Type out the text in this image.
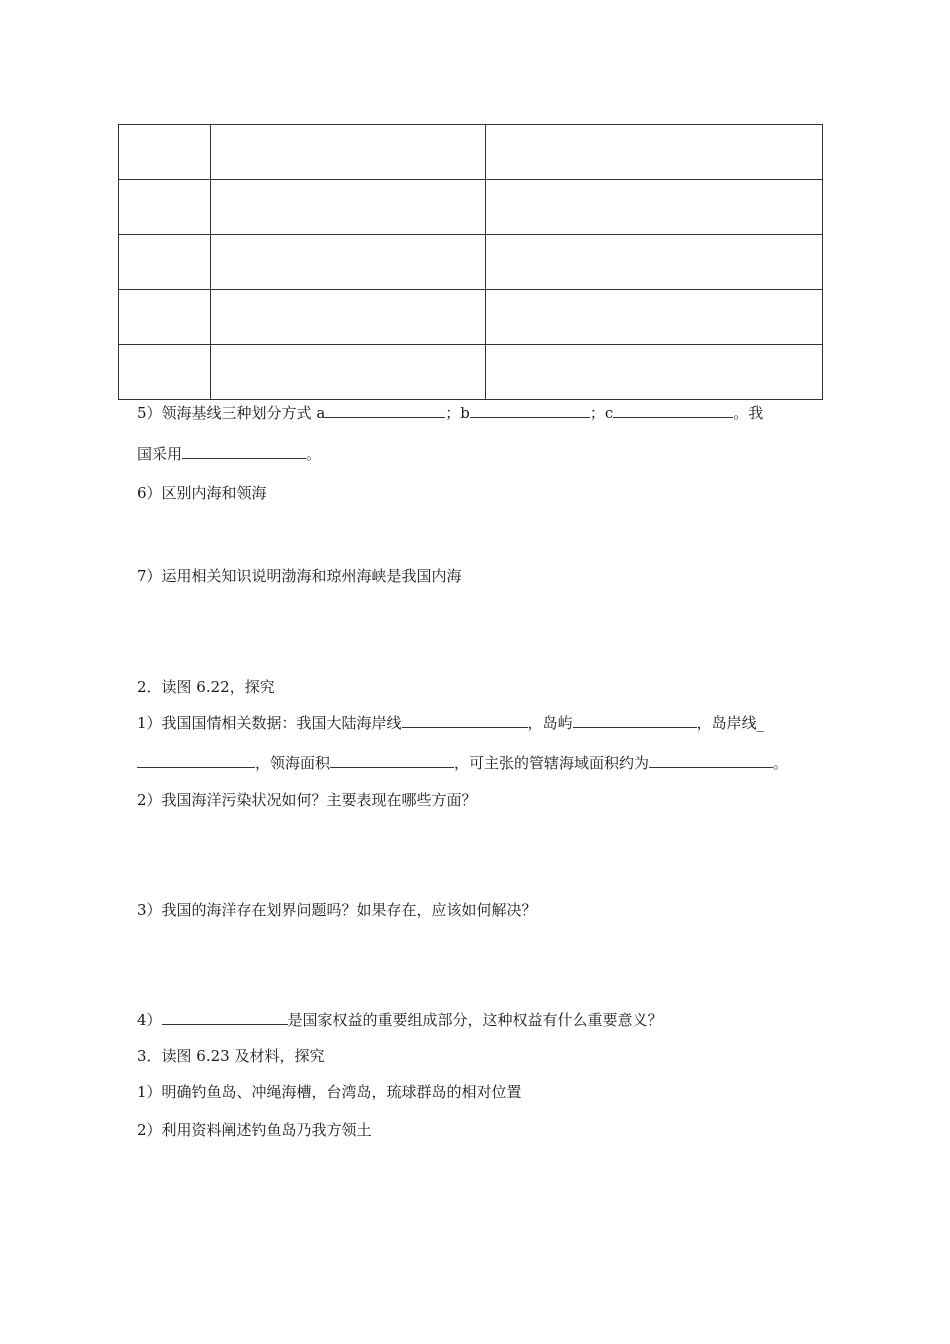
5）领海基线三种划分方式 a	；b	；c	。我
国采用	。
6）区别内海和领海
7）运用相关知识说明渤海和琼州海峡是我国内海
2．读图 6.22，探究
1）我国国情相关数据：我国大陆海岸线	，岛屿	，岛岸线_
，领海面积	，可主张的管辖海域面积约为	。
2）我国海洋污染状况如何？主要表现在哪些方面？
3）我国的海洋存在划界问题吗？如果存在，应该如何解决？
4）	是国家权益的重要组成部分，这种权益有什么重要意义？
3．读图 6.23 及材料，探究
1）明确钓鱼岛、冲绳海槽，台湾岛，琉球群岛的相对位置
2）利用资料阐述钓鱼岛乃我方领土
